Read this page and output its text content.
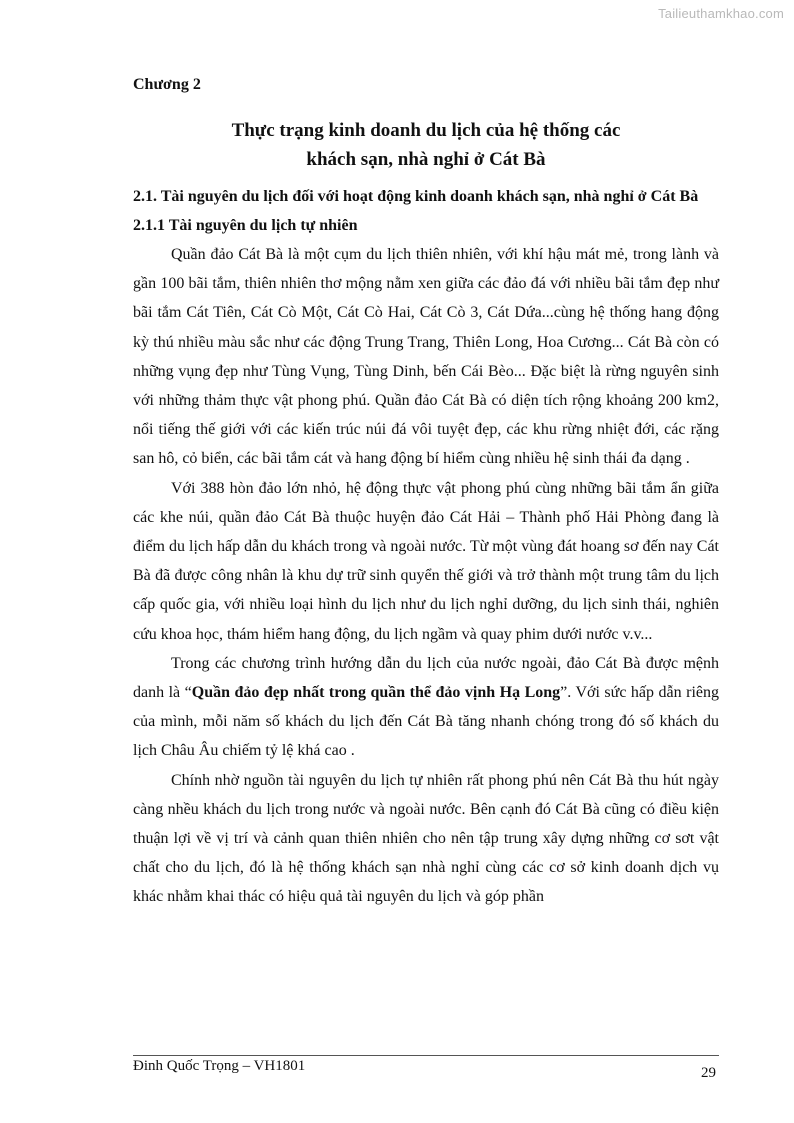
Tailieuthamkhao.com
Chương 2
Thực trạng kinh doanh du lịch của hệ thống các
khách sạn, nhà nghỉ ở Cát Bà

2.1. Tài nguyên du lịch đối với hoạt động kinh doanh khách sạn, nhà nghỉ ở Cát Bà

2.1.1 Tài nguyên du lịch tự nhiên

Quần đảo Cát Bà là một cụm du lịch thiên nhiên, với khí hậu mát mẻ, trong lành và gần 100 bãi tắm, thiên nhiên thơ mộng nằm xen giữa các đảo đá với nhiều bãi tắm đẹp như bãi tắm Cát Tiên, Cát Cò Một, Cát Cò Hai, Cát Cò 3, Cát Dứa...cùng hệ thống hang động kỳ thú nhiều màu sắc như các động Trung Trang, Thiên Long, Hoa Cương... Cát Bà còn có những vụng đẹp như Tùng Vụng, Tùng Dinh, bến Cái Bèo... Đặc biệt là rừng nguyên sinh với những thảm thực vật phong phú. Quần đảo Cát Bà có diện tích rộng khoảng 200 km2, nổi tiếng thế giới với các kiến trúc núi đá vôi tuyệt đẹp, các khu rừng nhiệt đới, các rặng san hô, cỏ biển, các bãi tắm cát và hang động bí hiểm cùng nhiều hệ sinh thái đa dạng .

Với 388 hòn đảo lớn nhỏ, hệ động thực vật phong phú cùng những bãi tắm ẩn giữa các khe núi, quần đảo Cát Bà thuộc huyện đảo Cát Hải – Thành phố Hải Phòng đang là điểm du lịch hấp dẫn du khách trong và ngoài nước. Từ một vùng đát hoang sơ đến nay Cát Bà đã được công nhân là khu dự trữ sinh quyển thế giới và trở thành một trung tâm du lịch cấp quốc gia, với nhiều loại hình du lịch như du lịch nghỉ dưỡng, du lịch sinh thái, nghiên cứu khoa học, thám hiểm hang động, du lịch ngầm và quay phim dưới nước v.v...

Trong các chương trình hướng dẫn du lịch của nước ngoài, đảo Cát Bà được mệnh danh là “Quần đảo đẹp nhất trong quần thể đảo vịnh Hạ Long”. Với sức hấp dẫn riêng của mình, mỗi năm số khách du lịch đến Cát Bà tăng nhanh chóng trong đó số khách du lịch Châu Âu chiếm tỷ lệ khá cao .

Chính nhờ nguồn tài nguyên du lịch tự nhiên rất phong phú nên Cát Bà thu hút ngày càng nhều khách du lịch trong nước và ngoài nước. Bên cạnh đó Cát Bà cũng có điều kiện thuận lợi về vị trí và cảnh quan thiên nhiên cho nên tập trung xây dựng những cơ sơt vật chất cho du lịch, đó là hệ thống khách sạn nhà nghỉ cùng các cơ sở kinh doanh dịch vụ khác nhằm khai thác có hiệu quả tài nguyên du lịch và góp phần

Đinh Quốc Trọng – VH1801	29
